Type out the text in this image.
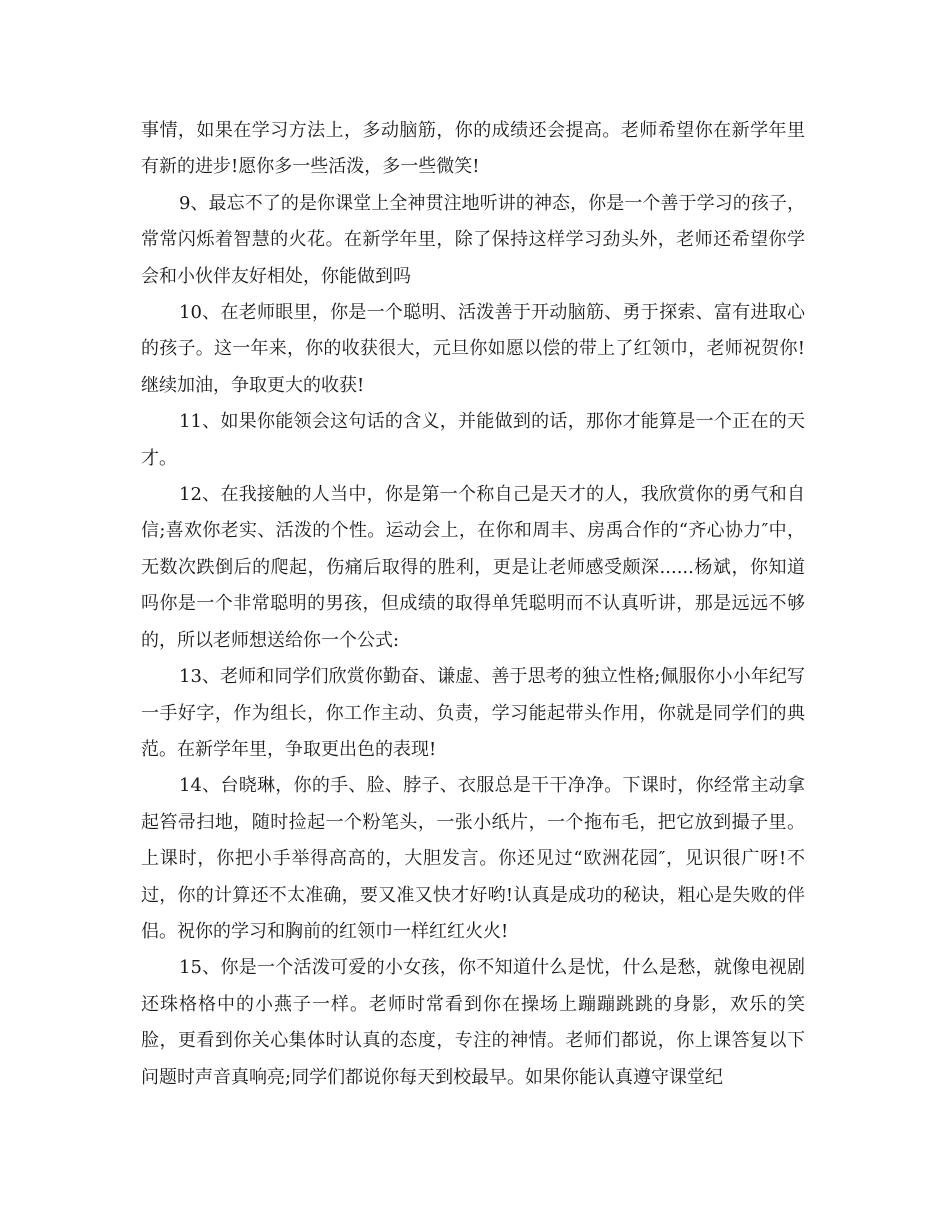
事情，如果在学习方法上，多动脑筋，你的成绩还会提高。老师希望你在新学年里有新的进步!愿你多一些活泼，多一些微笑!

9、最忘不了的是你课堂上全神贯注地听讲的神态，你是一个善于学习的孩子，常常闪烁着智慧的火花。在新学年里，除了保持这样学习劲头外，老师还希望你学会和小伙伴友好相处，你能做到吗

10、在老师眼里，你是一个聪明、活泼善于开动脑筋、勇于探索、富有进取心的孩子。这一年来，你的收获很大，元旦你如愿以偿的带上了红领巾，老师祝贺你!继续加油，争取更大的收获!

11、如果你能领会这句话的含义，并能做到的话，那你才能算是一个正在的天才。

12、在我接触的人当中，你是第一个称自己是天才的人，我欣赏你的勇气和自信;喜欢你老实、活泼的个性。运动会上，在你和周丰、房禹合作的“齐心协力″中，无数次跌倒后的爬起，伤痛后取得的胜利，更是让老师感受颇深......杨斌，你知道吗你是一个非常聪明的男孩，但成绩的取得单凭聪明而不认真听讲，那是远远不够的，所以老师想送给你一个公式:

13、老师和同学们欣赏你勤奋、谦虚、善于思考的独立性格;佩服你小小年纪写一手好字，作为组长，你工作主动、负责，学习能起带头作用，你就是同学们的典范。在新学年里，争取更出色的表现!

14、台晓琳，你的手、脸、脖子、衣服总是干干净净。下课时，你经常主动拿起笞帚扫地，随时捡起一个粉笔头，一张小纸片，一个拖布毛，把它放到撮子里。上课时，你把小手举得高高的，大胆发言。你还见过“欧洲花园″，见识很广呀!不过，你的计算还不太准确，要又准又快才好哟!认真是成功的秘诀，粗心是失败的伴侣。祝你的学习和胸前的红领巾一样红红火火!

15、你是一个活泼可爱的小女孩，你不知道什么是忧，什么是愁，就像电视剧还珠格格中的小燕子一样。老师时常看到你在操场上蹦蹦跳跳的身影，欢乐的笑脸，更看到你关心集体时认真的态度，专注的神情。老师们都说，你上课答复以下问题时声音真响亮;同学们都说你每天到校最早。如果你能认真遵守课堂纪
